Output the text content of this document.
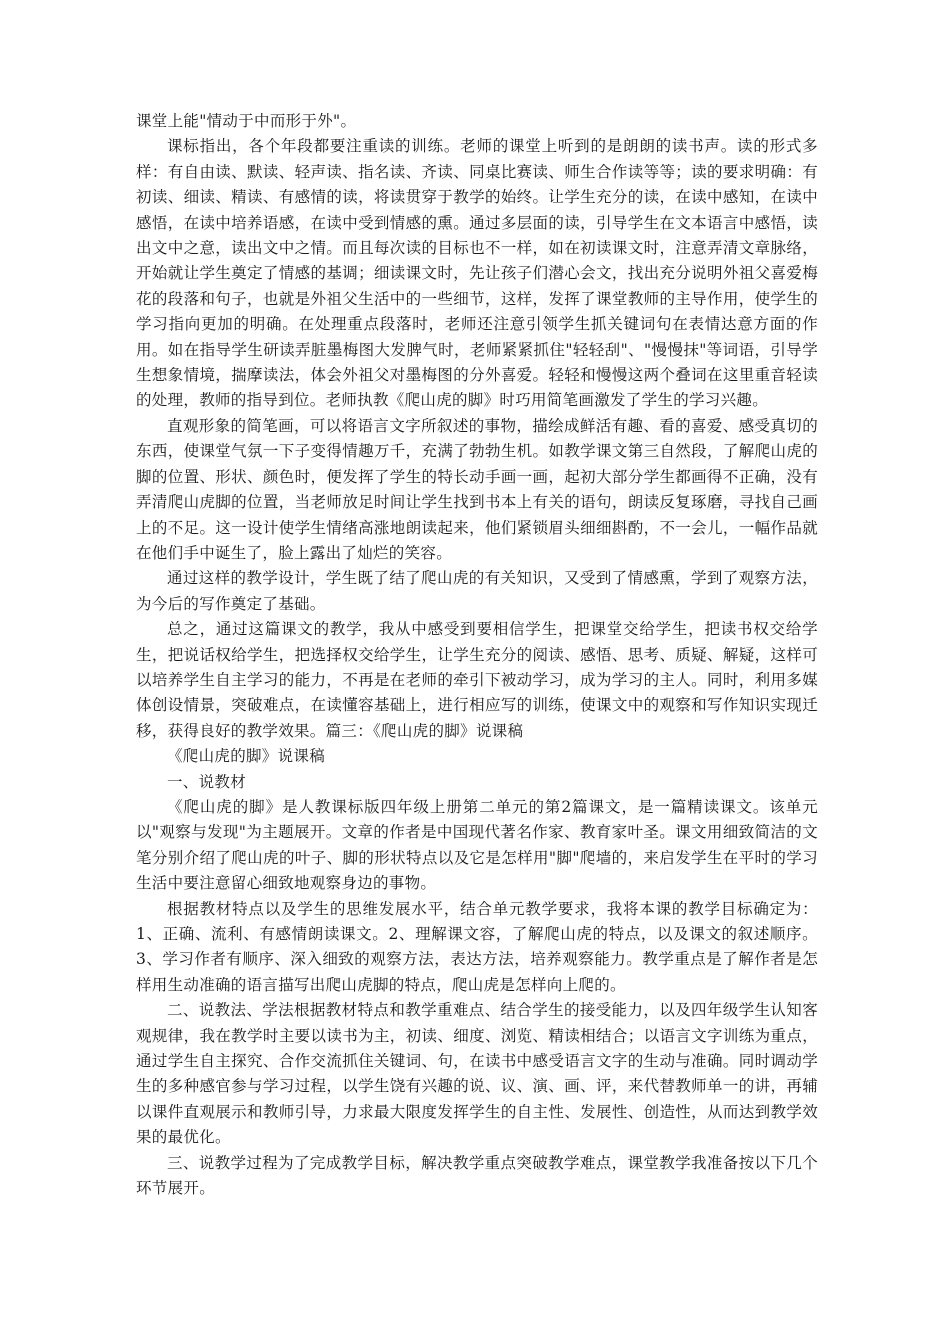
课堂上能"情动于中而形于外"。

课标指出，各个年段都要注重读的训练。老师的课堂上听到的是朗朗的读书声。读的形式多样：有自由读、默读、轻声读、指名读、齐读、同桌比赛读、师生合作读等等；读的要求明确：有初读、细读、精读、有感情的读，将读贯穿于教学的始终。让学生充分的读，在读中感知，在读中感悟，在读中培养语感，在读中受到情感的熏。通过多层面的读，引导学生在文本语言中感悟，读出文中之意，读出文中之情。而且每次读的目标也不一样，如在初读课文时，注意弄清文章脉络，开始就让学生奠定了情感的基调；细读课文时，先让孩子们潜心会文，找出充分说明外祖父喜爱梅花的段落和句子，也就是外祖父生活中的一些细节，这样，发挥了课堂教师的主导作用，使学生的学习指向更加的明确。在处理重点段落时，老师还注意引领学生抓关键词句在表情达意方面的作用。如在指导学生研读弄脏墨梅图大发脾气时，老师紧紧抓住"轻轻刮"、"慢慢抹"等词语，引导学生想象情境，揣摩读法，体会外祖父对墨梅图的分外喜爱。轻轻和慢慢这两个叠词在这里重音轻读的处理，教师的指导到位。老师执教《爬山虎的脚》时巧用简笔画激发了学生的学习兴趣。

直观形象的简笔画，可以将语言文字所叙述的事物，描绘成鲜活有趣、看的喜爱、感受真切的东西，使课堂气氛一下子变得情趣万千，充满了勃勃生机。如教学课文第三自然段，了解爬山虎的脚的位置、形状、颜色时，便发挥了学生的特长动手画一画，起初大部分学生都画得不正确，没有弄清爬山虎脚的位置，当老师放足时间让学生找到书本上有关的语句，朗读反复琢磨，寻找自己画上的不足。这一设计使学生情绪高涨地朗读起来，他们紧锁眉头细细斟酌，不一会儿，一幅作品就在他们手中诞生了，脸上露出了灿烂的笑容。

通过这样的教学设计，学生既了结了爬山虎的有关知识，又受到了情感熏，学到了观察方法，为今后的写作奠定了基础。

总之，通过这篇课文的教学，我从中感受到要相信学生，把课堂交给学生，把读书权交给学生，把说话权给学生，把选择权交给学生，让学生充分的阅读、感悟、思考、质疑、解疑，这样可以培养学生自主学习的能力，不再是在老师的牵引下被动学习，成为学习的主人。同时，利用多媒体创设情景，突破难点，在读懂容基础上，进行相应写的训练，使课文中的观察和写作知识实现迁移，获得良好的教学效果。篇三：《爬山虎的脚》说课稿

《爬山虎的脚》说课稿

一、说教材

《爬山虎的脚》是人教课标版四年级上册第二单元的第2篇课文，是一篇精读课文。该单元以"观察与发现"为主题展开。文章的作者是中国现代著名作家、教育家叶圣。课文用细致简洁的文笔分别介绍了爬山虎的叶子、脚的形状特点以及它是怎样用"脚"爬墙的，来启发学生在平时的学习生活中要注意留心细致地观察身边的事物。

根据教材特点以及学生的思维发展水平，结合单元教学要求，我将本课的教学目标确定为：1、正确、流利、有感情朗读课文。2、理解课文容，了解爬山虎的特点，以及课文的叙述顺序。3、学习作者有顺序、深入细致的观察方法，表达方法，培养观察能力。教学重点是了解作者是怎样用生动准确的语言描写出爬山虎脚的特点，爬山虎是怎样向上爬的。

二、说教法、学法根据教材特点和教学重难点、结合学生的接受能力，以及四年级学生认知客观规律，我在教学时主要以读书为主，初读、细度、浏览、精读相结合；以语言文字训练为重点，通过学生自主探究、合作交流抓住关键词、句，在读书中感受语言文字的生动与准确。同时调动学生的多种感官参与学习过程，以学生饶有兴趣的说、议、演、画、评，来代替教师单一的讲，再辅以课件直观展示和教师引导，力求最大限度发挥学生的自主性、发展性、创造性，从而达到教学效果的最优化。

三、说教学过程为了完成教学目标，解决教学重点突破教学难点，课堂教学我准备按以下几个环节展开。
